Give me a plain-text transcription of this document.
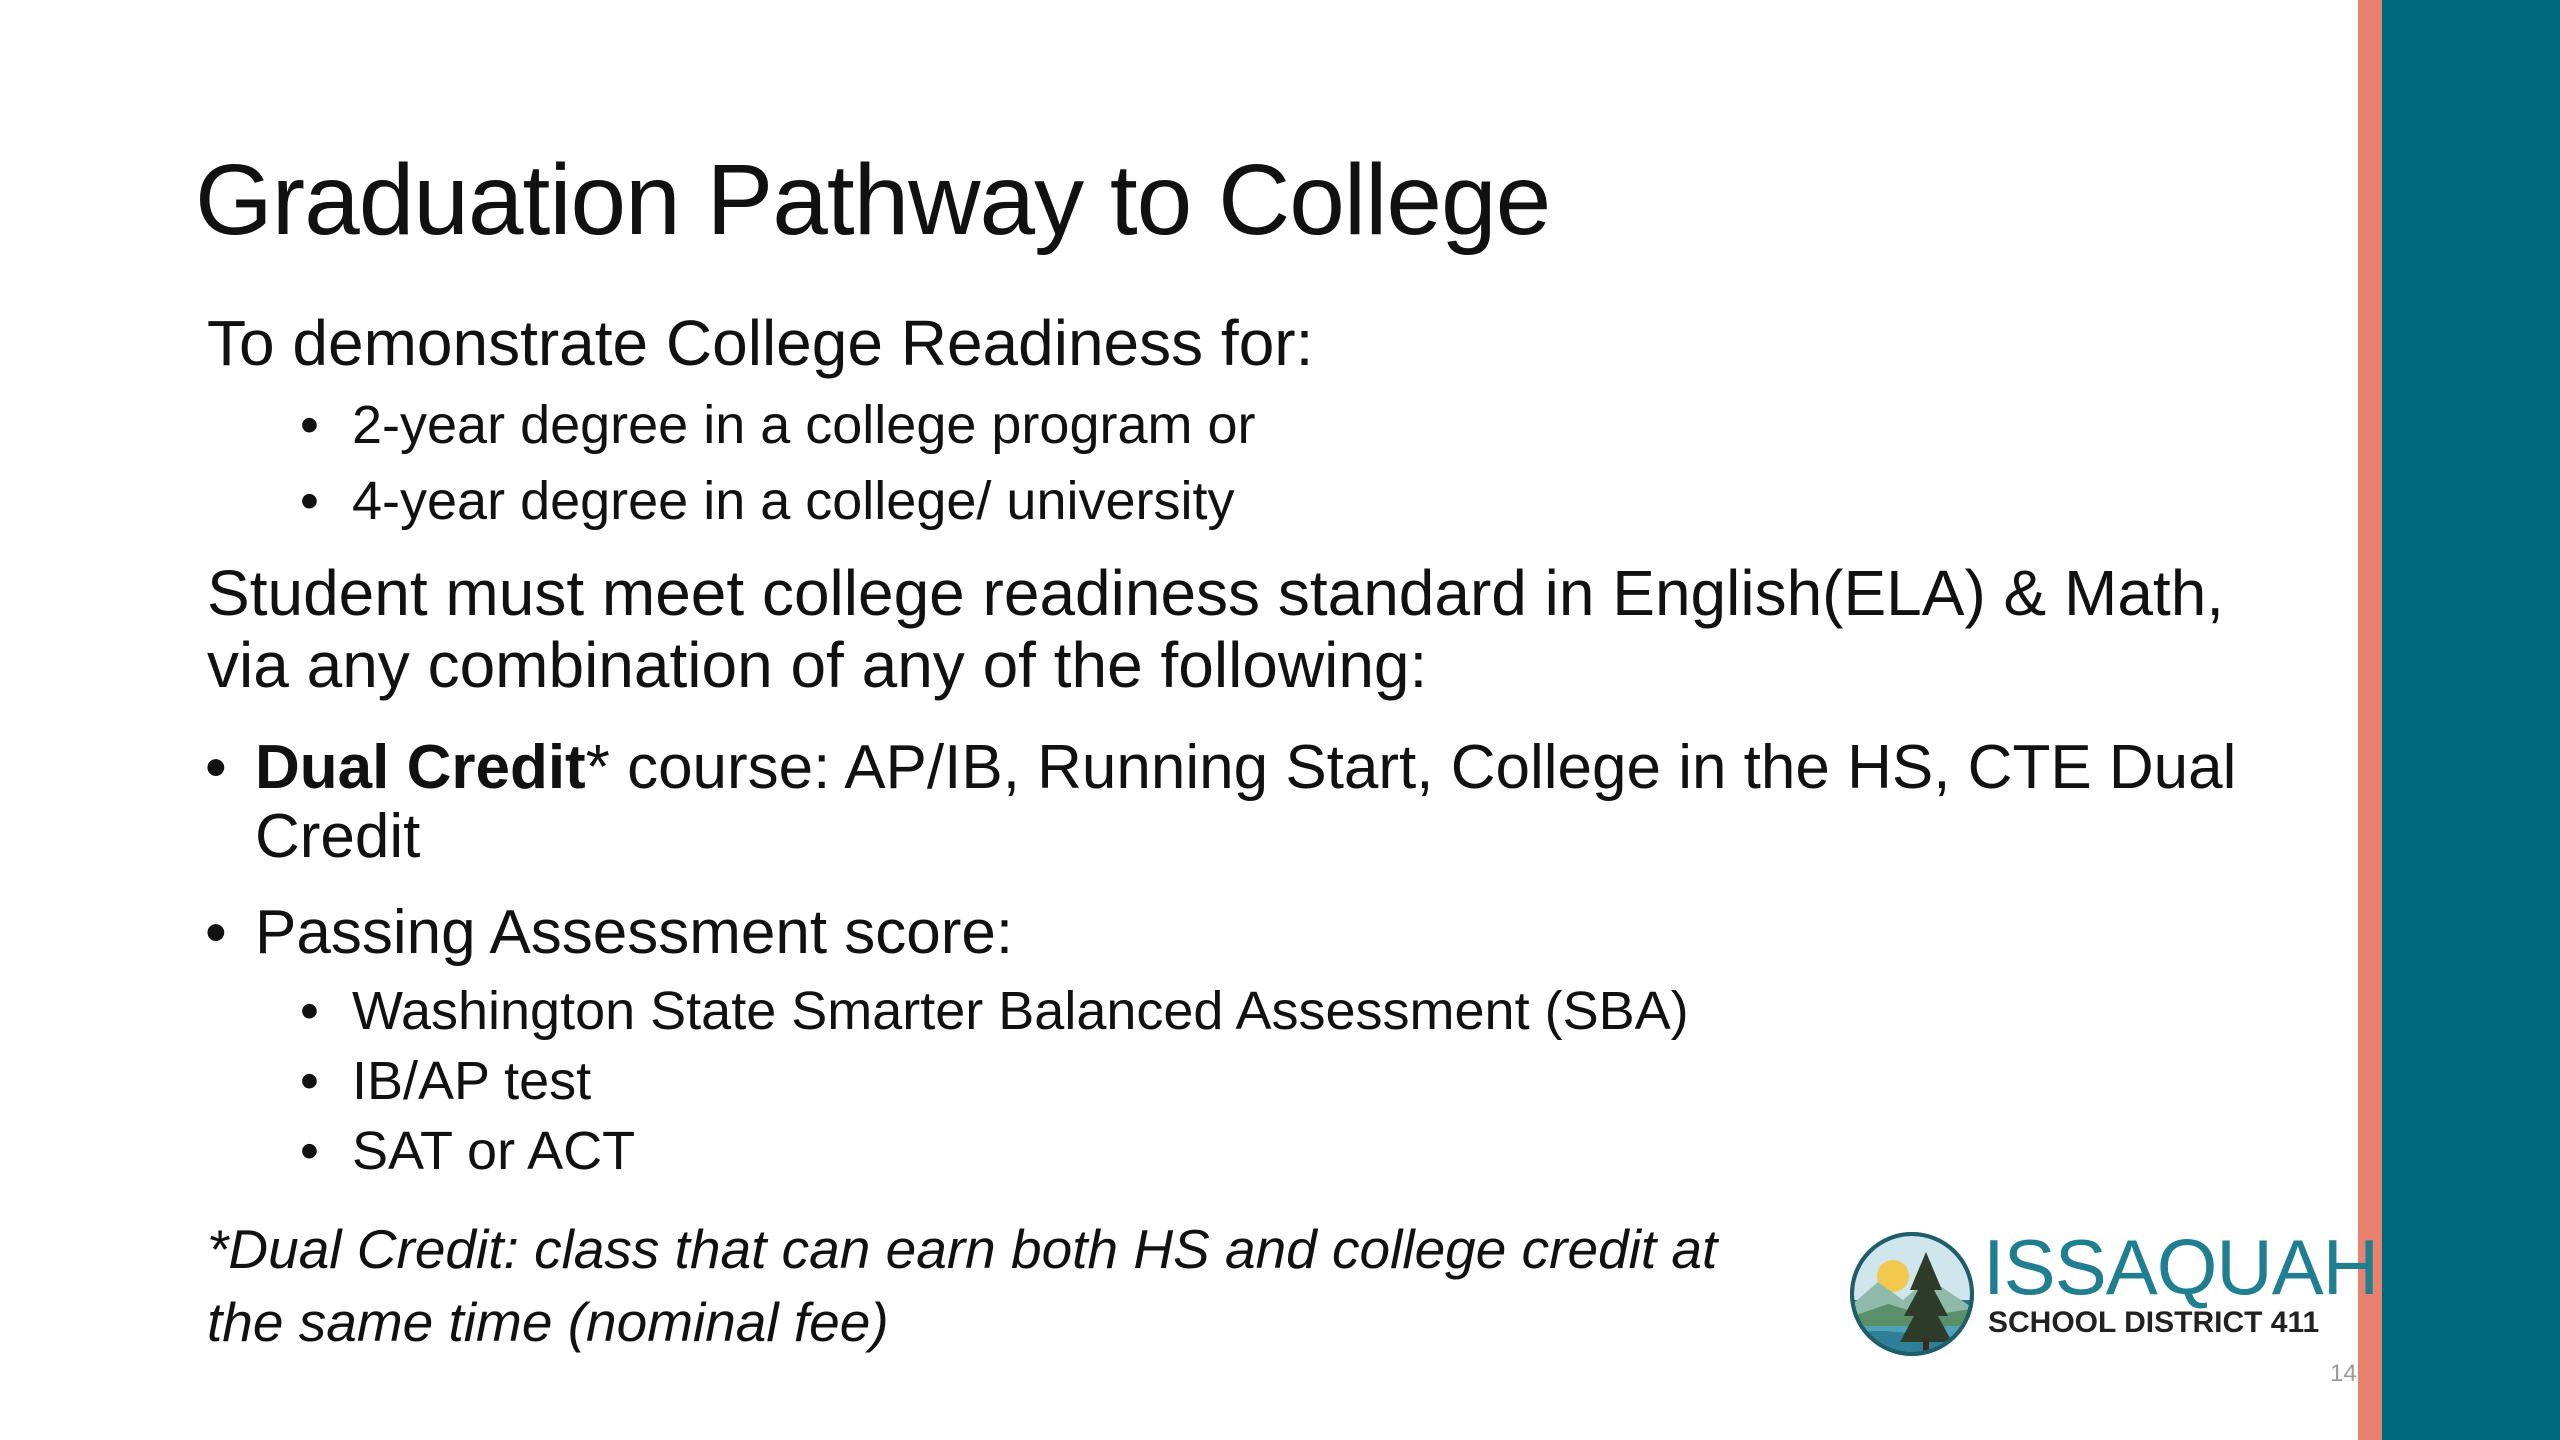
Graduation Pathway to College

To demonstrate College Readiness for:

• 2-year degree in a college program or

• 4-year degree in a college/ university

Student must meet college readiness standard in English(ELA) & Math, via any combination of any of the following:

• Dual Credit* course: AP/IB, Running Start, College in the HS, CTE Dual Credit

• Passing Assessment score:

• Washington State Smarter Balanced Assessment (SBA)

• IB/AP test

• SAT or ACT

*Dual Credit: class that can earn both HS and college credit at the same time (nominal fee)

ISSAQUAH
SCHOOL DISTRICT 411
14
